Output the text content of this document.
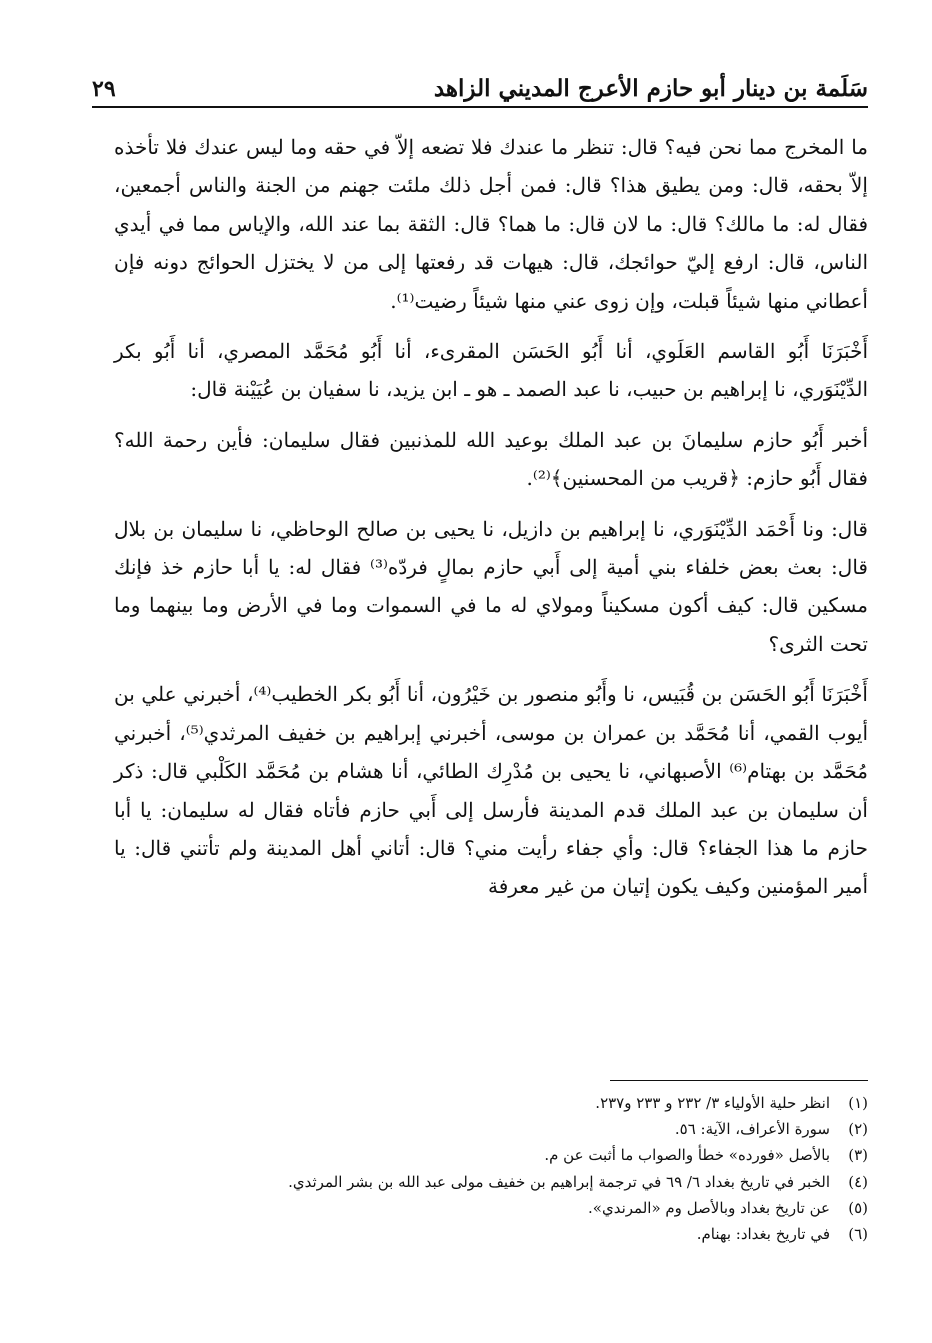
سَلَمة بن دينار أبو حازم الأعرج المديني الزاهد
٢٩

ما المخرج مما نحن فيه؟ قال: تنظر ما عندك فلا تضعه إلاّ في حقه وما ليس عندك فلا تأخذه إلاّ بحقه، قال: ومن يطيق هذا؟ قال: فمن أجل ذلك ملئت جهنم من الجنة والناس أجمعين، فقال له: ما مالك؟ قال: ما لان قال: ما هما؟ قال: الثقة بما عند الله، والإياس مما في أيدي الناس، قال: ارفع إليّ حوائجك، قال: هيهات قد رفعتها إلى من لا يختزل الحوائج دونه فإن أعطاني منها شيئاً قبلت، وإن زوى عني منها شيئاً رضيت⁽¹⁾.

أَخْبَرَنَا أَبُو القاسم العَلَوي، أنا أَبُو الحَسَن المقرىء، أنا أَبُو مُحَمَّد المصري، أنا أَبُو بكر الدِّيْنَوَري، نا إبراهيم بن حبيب، نا عبد الصمد ـ هو ـ ابن يزيد، نا سفيان بن عُيَيْنة قال:

أخبر أَبُو حازم سليمانَ بن عبد الملك بوعيد الله للمذنبين فقال سليمان: فأين رحمة الله؟ فقال أَبُو حازم: ﴿قريب من المحسنين﴾⁽²⁾.

قال: ونا أَحْمَد الدِّيْنَوَري، نا إبراهيم بن دازيل، نا يحيى بن صالح الوحاظي، نا سليمان بن بلال قال: بعث بعض خلفاء بني أمية إلى أَبي حازم بمالٍ فردّه⁽³⁾ فقال له: يا أبا حازم خذ فإنك مسكين قال: كيف أكون مسكيناً ومولاي له ما في السموات وما في الأرض وما بينهما وما تحت الثرى؟

أَخْبَرَنَا أَبُو الحَسَن بن قُبَيس، نا وأَبُو منصور بن خَيْرُون، أنا أَبُو بكر الخطيب⁽⁴⁾، أخبرني علي بن أيوب القمي، أنا مُحَمَّد بن عمران بن موسى، أخبرني إبراهيم بن خفيف المرثدي⁽⁵⁾، أخبرني مُحَمَّد بن بهتام⁽⁶⁾ الأصبهاني، نا يحيى بن مُدْرِك الطائي، أنا هشام بن مُحَمَّد الكَلْبي قال: ذكر أن سليمان بن عبد الملك قدم المدينة فأرسل إلى أَبي حازم فأتاه فقال له سليمان: يا أبا حازم ما هذا الجفاء؟ قال: وأي جفاء رأيت مني؟ قال: أتاني أهل المدينة ولم تأتني قال: يا أمير المؤمنين وكيف يكون إتيان من غير معرفة

(١)
انظر حلية الأولياء ٣/ ٢٣٢ و ٢٣٣ و٢٣٧.
(٢)
سورة الأعراف، الآية: ٥٦.
(٣)
بالأصل «فورده» خطأ والصواب ما أثبت عن م.
(٤)
الخبر في تاريخ بغداد ٦/ ٦٩ في ترجمة إبراهيم بن خفيف مولى عبد الله بن بشر المرثدي.
(٥)
عن تاريخ بغداد وبالأصل وم «المرندي».
(٦)
في تاريخ بغداد: بهنام.
